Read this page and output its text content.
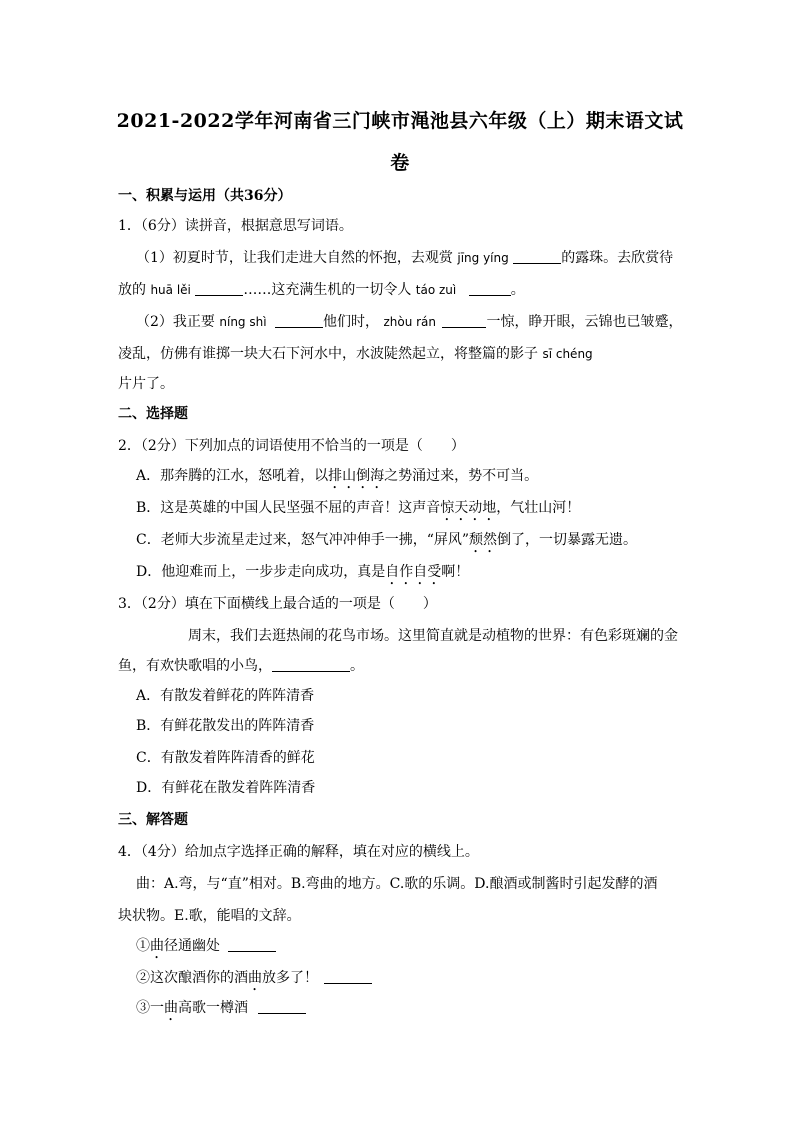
2021-2022学年河南省三门峡市渑池县六年级（上）期末语文试
卷
一、积累与运用（共36分）
1．（6分）读拼音，根据意思写词语。
（1）初夏时节，让我们走进大自然的怀抱，去观赏 jīng yíng	的露珠。去欣赏待
放的 huā lěi	……这充满生机的一切令人 táo zuì	。
（2）我正要 níng shì	他们时， zhòu rán	一惊，睁开眼，云锦也已皱蹙，
凌乱，仿佛有谁掷一块大石下河水中，水波陡然起立，将整篇的影子 sī chéng
片片了。
二、选择题
2．（2分）下列加点的词语使用不恰当的一项是（　　）
A．那奔腾的江水，怒吼着，以排山倒海之势涌过来，势不可当。
B．这是英雄的中国人民坚强不屈的声音！这声音惊天动地，气壮山河！
C．老师大步流星走过来，怒气冲冲伸手一拂，“屏风”颓然倒了，一切暴露无遗。
D．他迎难而上，一步步走向成功，真是自作自受啊！
3．（2分）填在下面横线上最合适的一项是（　　）
周末，我们去逛热闹的花鸟市场。这里简直就是动植物的世界：有色彩斑斓的金
鱼，有欢快歌唱的小鸟，	。
A．有散发着鲜花的阵阵清香
B．有鲜花散发出的阵阵清香
C．有散发着阵阵清香的鲜花
D．有鲜花在散发着阵阵清香
三、解答题
4．（4分）给加点字选择正确的解释，填在对应的横线上。
曲：A.弯，与“直”相对。B.弯曲的地方。C.歌的乐调。D.酿酒或制酱时引起发酵的酒
块状物。E.歌，能唱的文辞。
①曲径通幽处
②这次酿酒你的酒曲放多了！
③一曲高歌一樽酒
